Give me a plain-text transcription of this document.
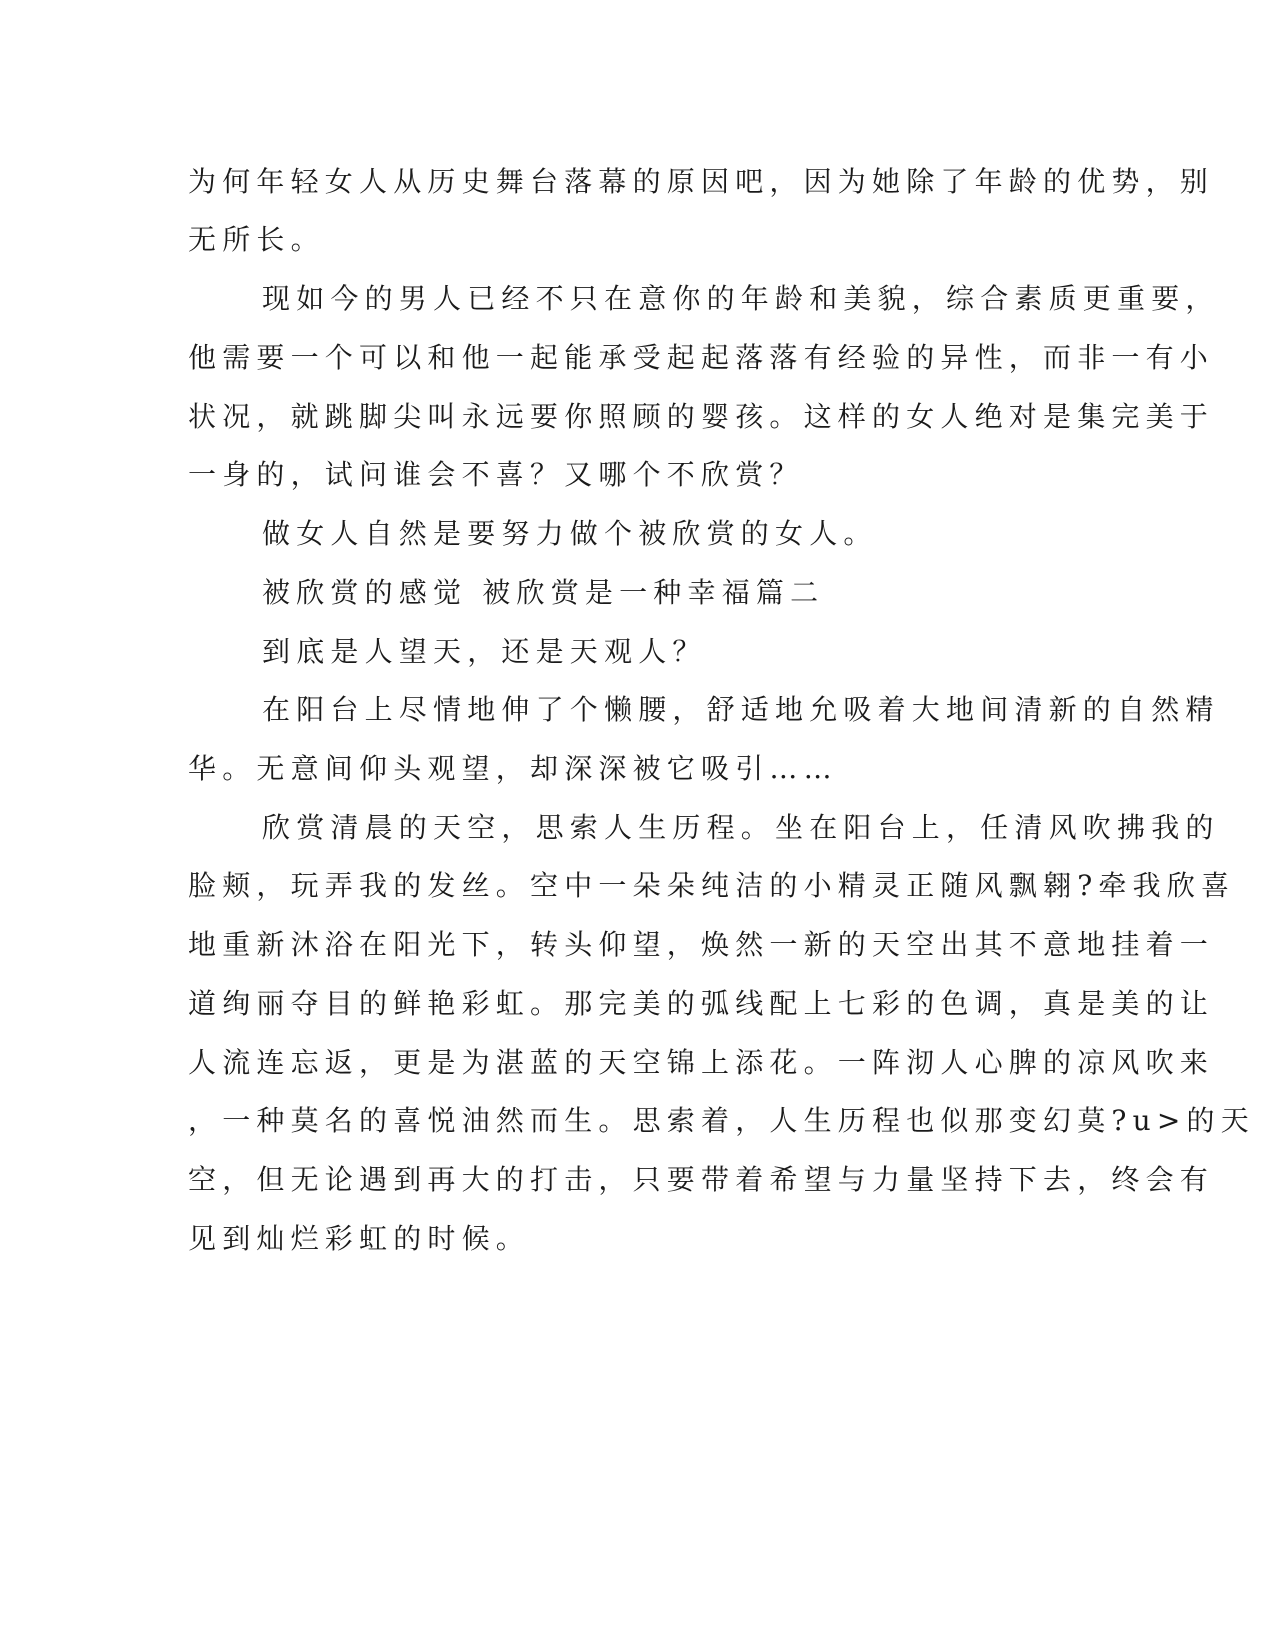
为何年轻女人从历史舞台落幕的原因吧，因为她除了年龄的优势，别
无所长。
现如今的男人已经不只在意你的年龄和美貌，综合素质更重要，
他需要一个可以和他一起能承受起起落落有经验的异性，而非一有小
状况，就跳脚尖叫永远要你照顾的婴孩。这样的女人绝对是集完美于
一身的，试问谁会不喜？又哪个不欣赏？
做女人自然是要努力做个被欣赏的女人。
被欣赏的感觉 被欣赏是一种幸福篇二
到底是人望天，还是天观人？
在阳台上尽情地伸了个懒腰，舒适地允吸着大地间清新的自然精
华。无意间仰头观望，却深深被它吸引……
欣赏清晨的天空，思索人生历程。坐在阳台上，任清风吹拂我的
脸颊，玩弄我的发丝。空中一朵朵纯洁的小精灵正随风飘翱?牵我欣喜
地重新沐浴在阳光下，转头仰望，焕然一新的天空出其不意地挂着一
道绚丽夺目的鲜艳彩虹。那完美的弧线配上七彩的色调，真是美的让
人流连忘返，更是为湛蓝的天空锦上添花。一阵沏人心脾的凉风吹来
，一种莫名的喜悦油然而生。思索着，人生历程也似那变幻莫?u>的天
空，但无论遇到再大的打击，只要带着希望与力量坚持下去，终会有
见到灿烂彩虹的时候。
